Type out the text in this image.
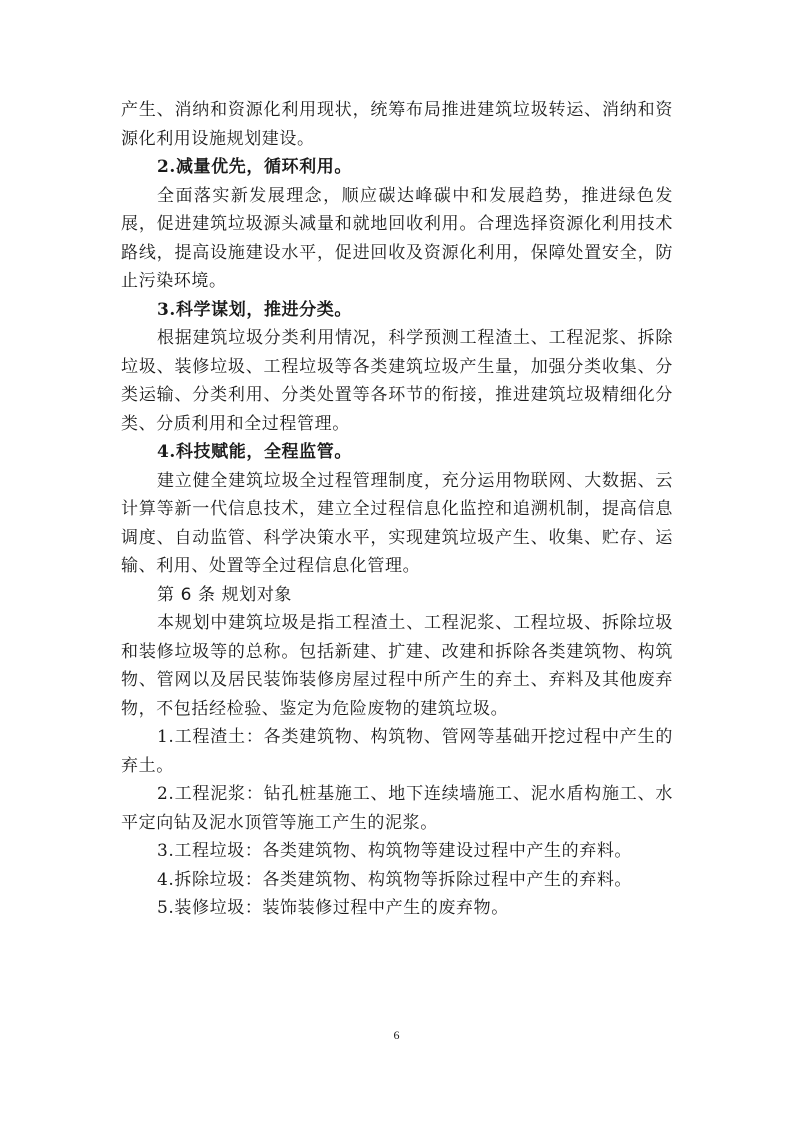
产生、消纳和资源化利用现状，统筹布局推进建筑垃圾转运、消纳和资源化利用设施规划建设。

2.减量优先，循环利用。

全面落实新发展理念，顺应碳达峰碳中和发展趋势，推进绿色发展，促进建筑垃圾源头减量和就地回收利用。合理选择资源化利用技术路线，提高设施建设水平，促进回收及资源化利用，保障处置安全，防止污染环境。

3.科学谋划，推进分类。

根据建筑垃圾分类利用情况，科学预测工程渣土、工程泥浆、拆除垃圾、装修垃圾、工程垃圾等各类建筑垃圾产生量，加强分类收集、分类运输、分类利用、分类处置等各环节的衔接，推进建筑垃圾精细化分类、分质利用和全过程管理。

4.科技赋能，全程监管。

建立健全建筑垃圾全过程管理制度，充分运用物联网、大数据、云计算等新一代信息技术，建立全过程信息化监控和追溯机制，提高信息调度、自动监管、科学决策水平，实现建筑垃圾产生、收集、贮存、运输、利用、处置等全过程信息化管理。

第 6 条 规划对象

本规划中建筑垃圾是指工程渣土、工程泥浆、工程垃圾、拆除垃圾和装修垃圾等的总称。包括新建、扩建、改建和拆除各类建筑物、构筑物、管网以及居民装饰装修房屋过程中所产生的弃土、弃料及其他废弃物，不包括经检验、鉴定为危险废物的建筑垃圾。

1.工程渣土：各类建筑物、构筑物、管网等基础开挖过程中产生的弃土。

2.工程泥浆：钻孔桩基施工、地下连续墙施工、泥水盾构施工、水平定向钻及泥水顶管等施工产生的泥浆。

3.工程垃圾：各类建筑物、构筑物等建设过程中产生的弃料。

4.拆除垃圾：各类建筑物、构筑物等拆除过程中产生的弃料。

5.装修垃圾：装饰装修过程中产生的废弃物。

6
